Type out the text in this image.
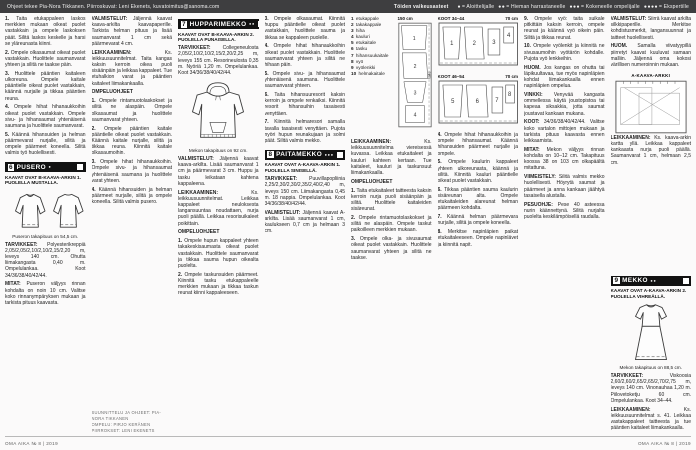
Ohjeet tekee Pia-Nora Tikkanen. Piirroskuvat: Leni Ekenets, kuvatoimitus@sanoma.com	Töiden vaikeusasteet	●= Aloittelijalle ●●= Hieman harrastaneelle ●●●= Kokeneelle ompelijalle ●●●●= Ekspertille

1. Taita etukappaleen laskos merkkien mukaan oikeat puolet vastakkain ja ompele laskoksen päät. Silitä laskos keskelle ja harsi se yläreunasta kiinni.

2. Ompele olkasaumat oikeat puolet vastakkain. Huolittele saumanvarat yhteen ja silitä ne taakse päin.

3. Huolittele pääntien kaitaleen ulkoreuna. Ompele kaitale pääntielle oikeat puolet vastakkain, käännä nurjalle ja tikkaa pääntien reuna.

4. Ompele hihat hihanaukkoihin oikeat puolet vastakkain. Ompele sivu- ja hihansaumat yhtenäisenä saumana ja huolittele saumanvarat.

5. Käännä hihansuiden ja helman päärmevarat nurjalle, silitä ja ompele päärmeet koneella. Silitä valmis työ huolellisesti.

6 PUSERO ●

KAAVAT OVAT B-KAAVA-ARKIN 1. PUOLELLA MUSTALLA.

Puseron takapituus on 54,5 cm.

TARVIKKEET: Polyesterikreppiä 2,05/2,05/2,10/2,10/2,15/2,20 m, leveys 140 cm. Ohutta liimakangasta 0,40 m. Ompelulankaa. Koot 34/36/38/40/42/44.

MITAT: Puseron väljyys rinnan kohdalta on noin 10 cm. Valitse koko rinnanympäryksen mukaan ja tarkista pituus kaavasta.

VALMISTELUT: Jäljennä kaavat kaava-arkilta kaavapaperille. Tarkista helman pituus ja lisää saumanvarat 1 cm sekä päärmevarat 4 cm.

LEIKKAAMINEN:	Ks. leikkuusuunnitelmat. Taita kangas kaksin kerroin oikea puoli sisäänpäin ja leikkaa kappaleet. Tue etuhalkion varat ja pääntien kaitaleet liimakankaalla.

OMPELUOHJEET

1. Ompele rintamuotolaskokset ja silitä ne alaspäin. Ompele olkasaumat ja huolittele saumanvarat yhteen.

2. Ompele pääntien kaitale pääntielle oikeat puolet vastakkain. Käännä kaitale nurjalle, silitä ja tikkaa reuna. Kiinnitä kaitale olkasaumoihin.

3. Ompele hihat hihanaukkoihin. Ompele sivu- ja hihansaumat yhtenäisenä saumana ja huolittele varat yhteen.

4. Käännä hihansuiden ja helman päärmeet nurjalle, silitä ja ompele koneella. Silitä valmis pusero.

SUUNNITTELU JA OHJEET: PIA-NORA TIKKANEN
OMPELU: PIRJO KERÄNEN
PIIRROKSET: LENI EKENETS
7 HUPPARIMEKKO ●●

KAAVAT OVAT B-KAAVA-ARKIN 2. PUOLELLA PUNAISELLA.

TARVIKKEET: Collegeneulosta 2,05/2,10/2,10/2,15/2,20/2,25 m, leveys 155 cm. Resorineulosta 0,35 m. Nyöriä 1,20 m. Ompelulankaa. Koot 34/36/38/40/42/44.

Mekon takapituus on 92 cm.

VALMISTELUT: Jäljennä kaavat kaava-arkilta. Lisää saumanvarat 1 cm ja päärmevarat 3 cm. Huppu ja tasku leikataan kahtena kappaleena.

LEIKKAAMINEN:	Ks. leikkuusuunnitelmat. Leikkaa kappaleet neuloksesta langansuuntaa noudattaen, nurja puoli päällä. Leikkaa resorisuikaleet poikittain.

OMPELUOHJEET

1. Ompele hupun kappaleet yhteen takakeskisaumasta oikeat puolet vastakkain. Huolittele saumanvarat ja tikkaa sauma hupun oikealta puolelta.

2. Ompele taskunsuiden päärmeet. Kiinnitä tasku etukappaleelle merkkien mukaan ja tikkaa taskun reunat kiinni kappaleeseen.

3. Ompele olkasaumat. Kiinnitä huppu pääntielle oikeat puolet vastakkain, huolittele sauma ja tikkaa se kappaleen puolelle.

4. Ompele hihat hihanaukkoihin oikeat puolet vastakkain. Huolittele saumanvarat yhteen ja silitä ne hihaan päin.

5. Ompele sivu- ja hihansaumat yhtenäisenä saumana. Huolittele saumanvarat yhteen.

6. Taita hihansuuresorit kaksin kerroin ja ompele renkaiksi. Kiinnitä resorit hihansuihin tasaisesti venyttäen.

7. Kiinnitä helmaresori samalla tavalla tasaisesti venyttäen. Pujota nyöri hupun reunakujaan ja solmi päät. Silitä valmis mekko.

8 PAITAMEKKO ●●●

KAAVAT OVAT A-KAAVA-ARKIN 1. PUOLELLA SINISELLÄ.

TARVIKKEET: Puuvillapopliinia 2,25/2,30/2,30/2,35/2,40/2,40 m, leveys 150 cm. Liimakangasta 0,45 m. 18 nappia. Ompelulankaa. Koot 34/36/38/40/42/44.

VALMISTELUT: Jäljennä kaavat A-arkilta. Lisää saumanvarat 1 cm, kaulukseen 0,7 cm ja helmaan 3 cm.

1 etukappale
2 takakappale
3 hiha
4 kauluri
5 etukaitale
6 tasku
7 hihansuukaitale
8 vyö
9 vyölenkki
10 helmakaitale
150 cm
1
2
3
4
taite

LEIKKAAMINEN:	Ks. leikkuusuunnitelma viereisessä kuvassa. Leikkaa etukaitaleet ja kauluri kahteen kertaan. Tue kaitaleet, kauluri ja taskunsuut liimakankaalla.

OMPELUOHJEET

1. Taita etukaitaleet taitteesta kaksin kerroin nurja puoli sisäänpäin ja silitä. Huolittele kaitaleiden sisäreunat.

2. Ompele rintamuotolaskokset ja silitä ne alaspäin. Ompele taskut paikoilleen merkkien mukaan.

3. Ompele olka- ja sivusaumat oikeat puolet vastakkain. Huolittele saumanvarat yhteen ja silitä ne taakse.

KOOT 34–44	70 cm
1	2	3
4
KOOT 46–54	70 cm
5	6	7
8

4. Ompele hihat hihanaukkoihin ja ompele hihansaumat. Käännä hihansuiden päärmeet nurjalle ja ompele.

5. Ompele kaulurin kappaleet yhteen ulkoreunasta, käännä ja silitä. Kiinnitä kauluri pääntielle oikeat puolet vastakkain.

6. Tikkaa pääntien sauma kaulurin sisäreunan alta. Ompele etukaitaleiden alareunat helman päärmeen kohdalta.

7. Käännä helman päärmevara nurjalle, silitä ja ompele koneella.

8. Merkitse napinläpien paikat etukaitaleeseen. Ompele napinlävet ja kiinnitä napit.

9. Ompele vyö: taita suikale pitkittäin kaksin kerroin, ompele reunat ja käännä vyö oikein päin. Silitä ja tikkaa reunat.

10. Ompele vyölenkit ja kiinnitä ne sivusaumoihin vyötärön kohdalle. Pujota vyö lenkkeihin.

HUOM. Jos kangas on ohutta tai läpikuultavaa, tue myös napinläpien kohdat liimakankaalla ennen napinläpien ompelua.

VINKKI: Venyvää kangasta ommellessa käytä joustopistoa tai kapeaa siksakkia, jotta saumat joustavat kankaan mukana.

KOOT: 34/36/38/40/42/44. Valitse koko vartalon mittojen mukaan ja tarkista pituus kaavasta ennen leikkaamista.

MITAT: Mekon väljyys rinnan kohdalta on 10–12 cm. Takapituus koossa 38 on 103 cm olkapäältä mitattuna.

VIIMEISTELY: Silitä valmis mekko huolellisesti. Höyrytä saumat ja päärmeet ja anna kankaan jäähtyä tasaisella alustalla.

PESUOHJE: Pese 40 asteessa nurin käännettynä. Silitä nurjalta puolelta keskilämpöisellä raudalla.

VALMISTELUT: Siirrä kaavat arkilta silkkipaperille. Merkitse kohdistusmerkit, langansuunnat ja taitteet huolellisesti.

HUOM. Samalla viivatyypillä piirretyt kaavat kuuluvat samaan malliin. Jäljennä oma kokosi värillisen numeroinnin mukaan.

A-KAAVA-ARKKI

LEIKKAAMINEN: Ks. kaava-arkin kartta yllä. Leikkaa kappaleet kankaasta nurja puoli päällä. Saumanvarat 1 cm, helmaan 2,5 cm.

9 MEKKO ●●

KAAVAT OVAT A-KAAVA-ARKIN 2. PUOLELLA VIHREÄLLÄ.

Mekon takapituus on 88,5 cm.

TARVIKKEET:	Viskoosia 2,60/2,60/2,65/2,65/2,70/2,75 m, leveys 140 cm. Vinonauhaa 1,20 m. Piilovetoketju 60 cm. Ompelulankaa. Koot 34–44.

LEIKKAAMINEN:	Ks. leikkuusuunnitelmat s. 41. Leikkaa vastakappaleet taitteesta ja tue pääntien kaitaleet liimakankaalla.

OMA AIKA № 8 | 2019	OMA AIKA № 8 | 2019
